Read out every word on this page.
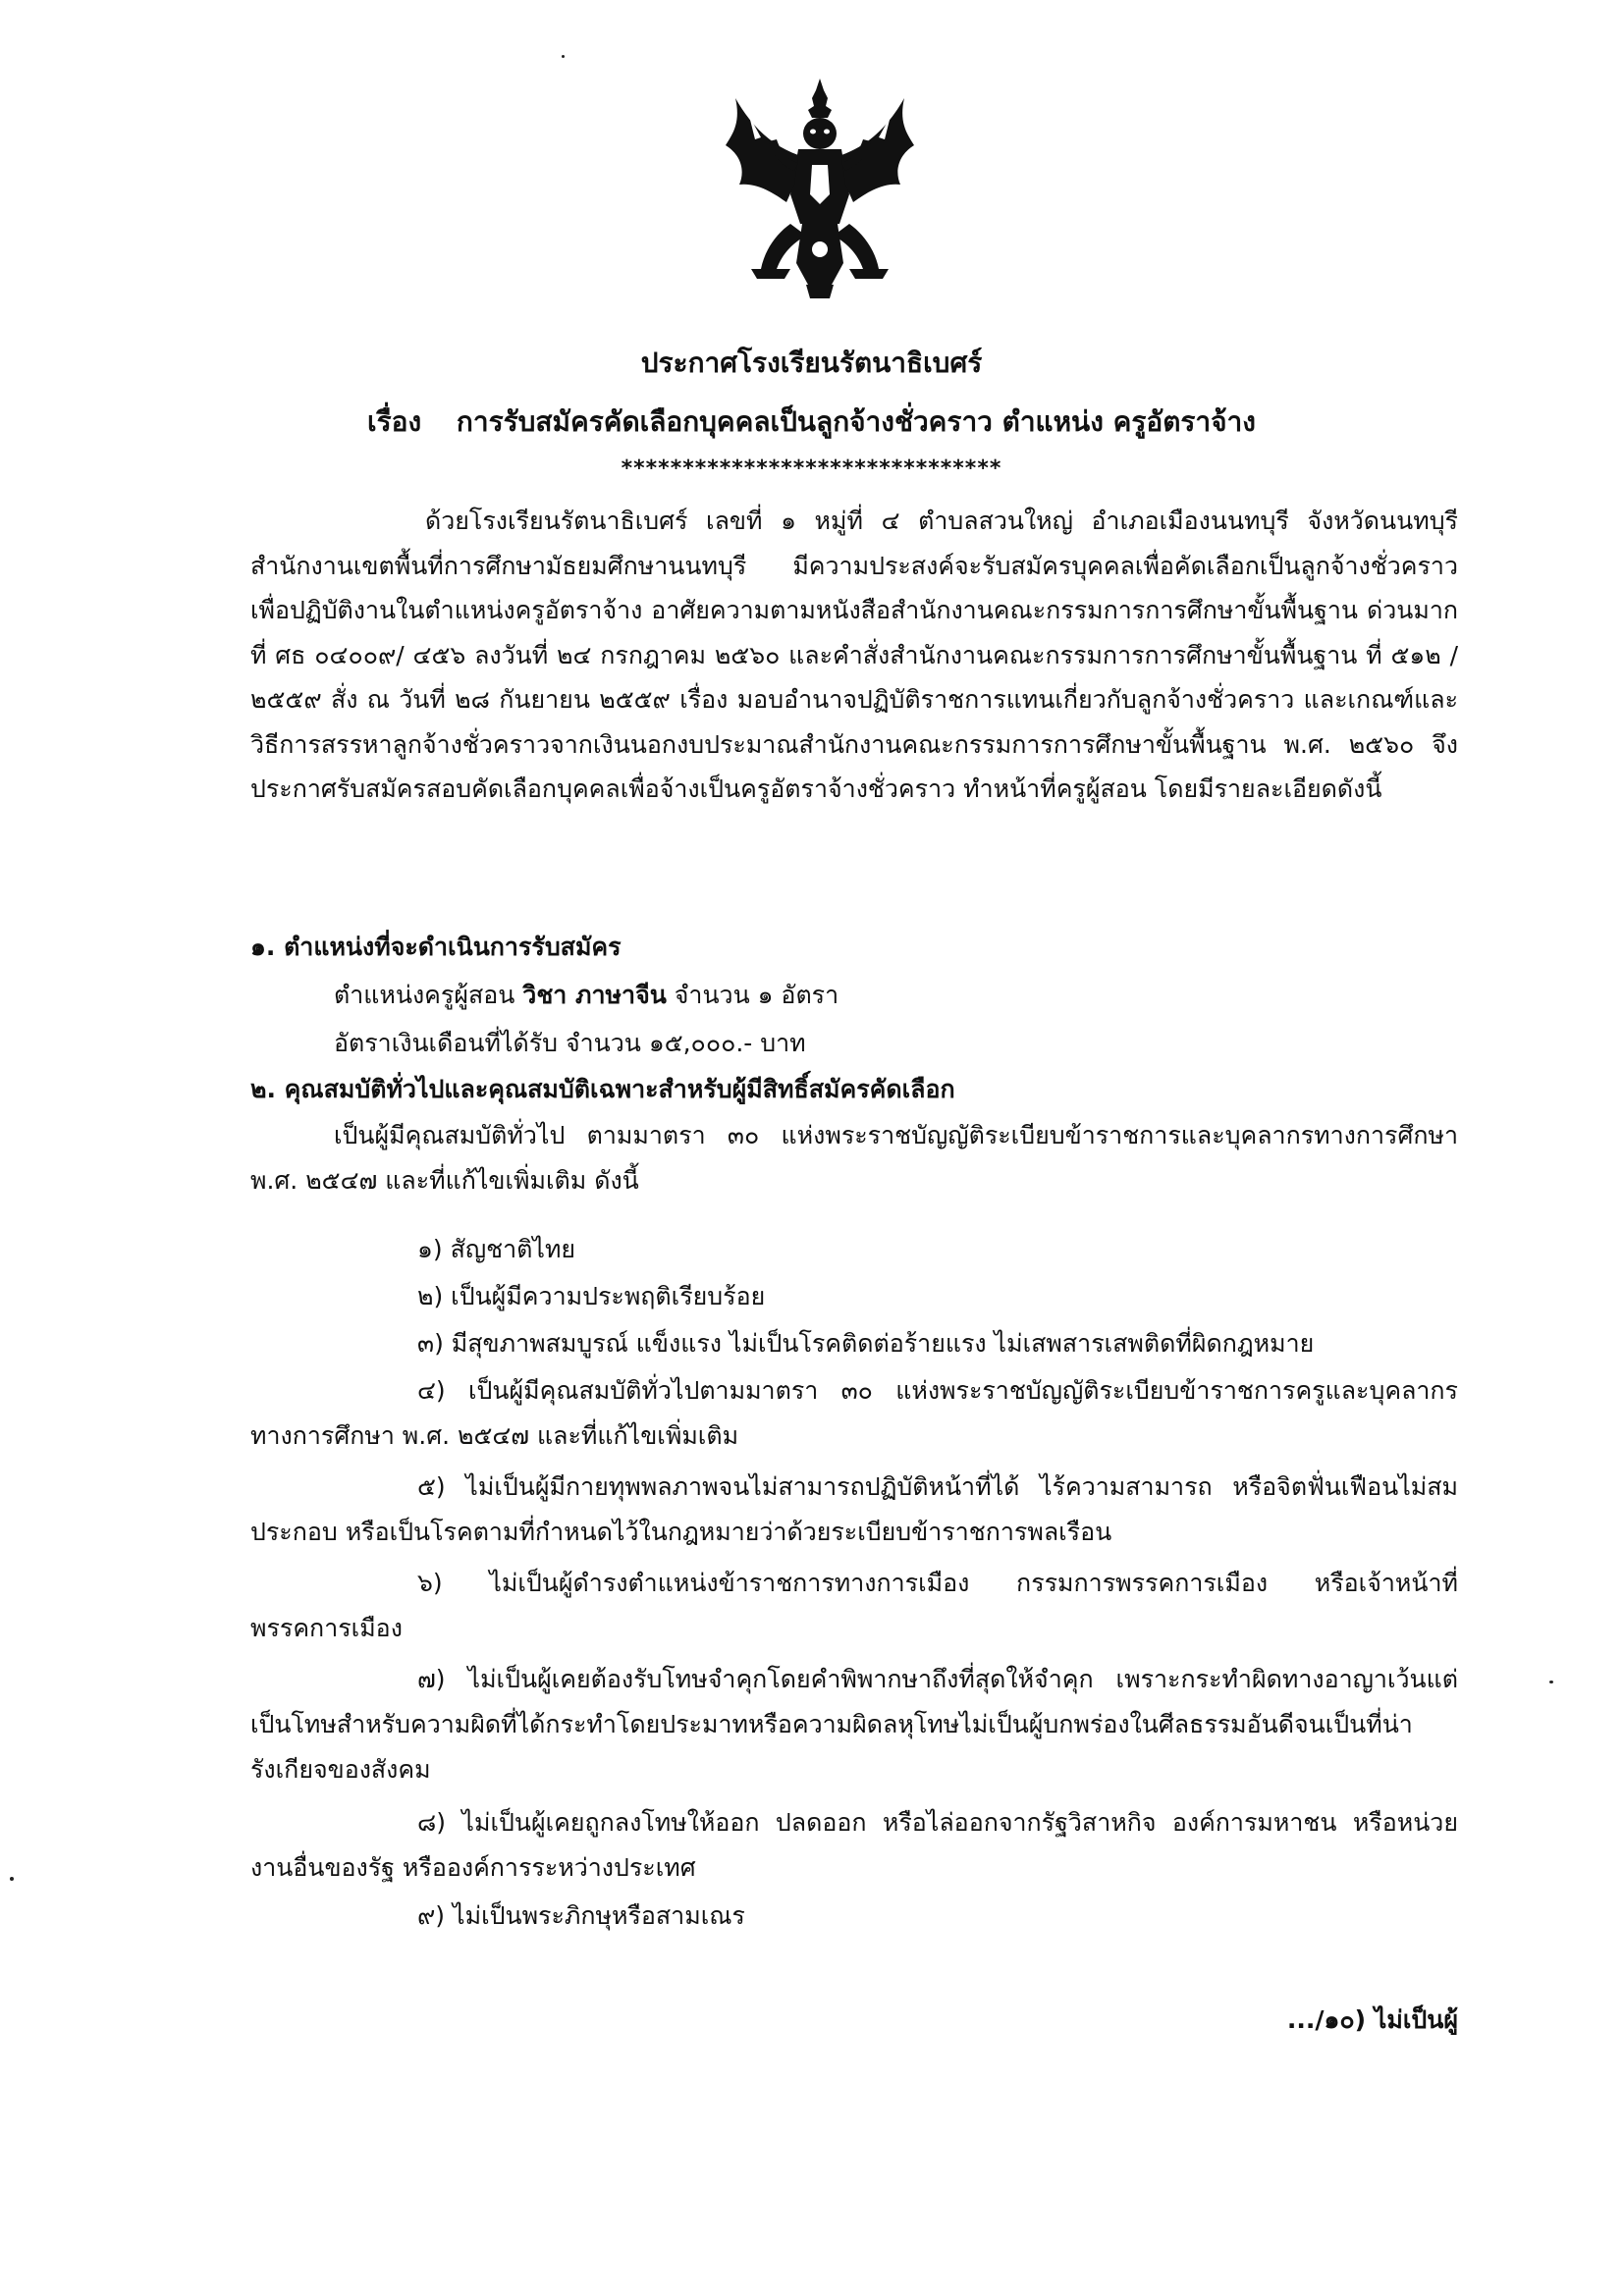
ประกาศโรงเรียนรัตนาธิเบศร์
เรื่อง การรับสมัครคัดเลือกบุคคลเป็นลูกจ้างชั่วคราว ตำแหน่ง ครูอัตราจ้าง
*******************************
ด้วยโรงเรียนรัตนาธิเบศร์ เลขที่ ๑ หมู่ที่ ๔ ตำบลสวนใหญ่ อำเภอเมืองนนทบุรี จังหวัดนนทบุรี สำนักงานเขตพื้นที่การศึกษามัธยมศึกษานนทบุรี มีความประสงค์จะรับสมัครบุคคลเพื่อคัดเลือกเป็นลูกจ้างชั่วคราว เพื่อปฏิบัติงานในตำแหน่งครูอัตราจ้าง อาศัยความตามหนังสือสำนักงานคณะกรรมการการศึกษาขั้นพื้นฐาน ด่วนมาก ที่ ศธ ๐๔๐๐๙/ ๔๕๖ ลงวันที่ ๒๔ กรกฎาคม ๒๕๖๐ และคำสั่งสำนักงานคณะกรรมการการศึกษาขั้นพื้นฐาน ที่ ๕๑๒ / ๒๕๕๙ สั่ง ณ วันที่ ๒๘ กันยายน ๒๕๕๙ เรื่อง มอบอำนาจปฏิบัติราชการแทนเกี่ยวกับลูกจ้างชั่วคราว และเกณฑ์และวิธีการสรรหาลูกจ้างชั่วคราวจากเงินนอกงบประมาณสำนักงานคณะกรรมการการศึกษาขั้นพื้นฐาน พ.ศ. ๒๕๖๐ จึงประกาศรับสมัครสอบคัดเลือกบุคคลเพื่อจ้างเป็นครูอัตราจ้างชั่วคราว ทำหน้าที่ครูผู้สอน โดยมีรายละเอียดดังนี้
๑. ตำแหน่งที่จะดำเนินการรับสมัคร
ตำแหน่งครูผู้สอน วิชา ภาษาจีน จำนวน ๑ อัตรา
อัตราเงินเดือนที่ได้รับ จำนวน ๑๕,๐๐๐.- บาท
๒. คุณสมบัติทั่วไปและคุณสมบัติเฉพาะสำหรับผู้มีสิทธิ์สมัครคัดเลือก
เป็นผู้มีคุณสมบัติทั่วไป ตามมาตรา ๓๐ แห่งพระราชบัญญัติระเบียบข้าราชการและบุคลากรทางการศึกษา พ.ศ. ๒๕๔๗ และที่แก้ไขเพิ่มเติม ดังนี้
๑) สัญชาติไทย
๒) เป็นผู้มีความประพฤติเรียบร้อย
๓) มีสุขภาพสมบูรณ์ แข็งแรง ไม่เป็นโรคติดต่อร้ายแรง ไม่เสพสารเสพติดที่ผิดกฎหมาย
๔) เป็นผู้มีคุณสมบัติทั่วไปตามมาตรา ๓๐ แห่งพระราชบัญญัติระเบียบข้าราชการครูและบุคลากรทางการศึกษา พ.ศ. ๒๕๔๗ และที่แก้ไขเพิ่มเติม
๕) ไม่เป็นผู้มีกายทุพพลภาพจนไม่สามารถปฏิบัติหน้าที่ได้ ไร้ความสามารถ หรือจิตฟั่นเฟือนไม่สมประกอบ หรือเป็นโรคตามที่กำหนดไว้ในกฎหมายว่าด้วยระเบียบข้าราชการพลเรือน
๖) ไม่เป็นผู้ดำรงตำแหน่งข้าราชการทางการเมือง กรรมการพรรคการเมือง หรือเจ้าหน้าที่พรรคการเมือง
๗) ไม่เป็นผู้เคยต้องรับโทษจำคุกโดยคำพิพากษาถึงที่สุดให้จำคุก เพราะกระทำผิดทางอาญาเว้นแต่เป็นโทษสำหรับความผิดที่ได้กระทำโดยประมาทหรือความผิดลหุโทษไม่เป็นผู้บกพร่องในศีลธรรมอันดีจนเป็นที่น่ารังเกียจของสังคม
๘) ไม่เป็นผู้เคยถูกลงโทษให้ออก ปลดออก หรือไล่ออกจากรัฐวิสาหกิจ องค์การมหาชน หรือหน่วยงานอื่นของรัฐ หรือองค์การระหว่างประเทศ
๙) ไม่เป็นพระภิกษุหรือสามเณร
.../๑๐) ไม่เป็นผู้
